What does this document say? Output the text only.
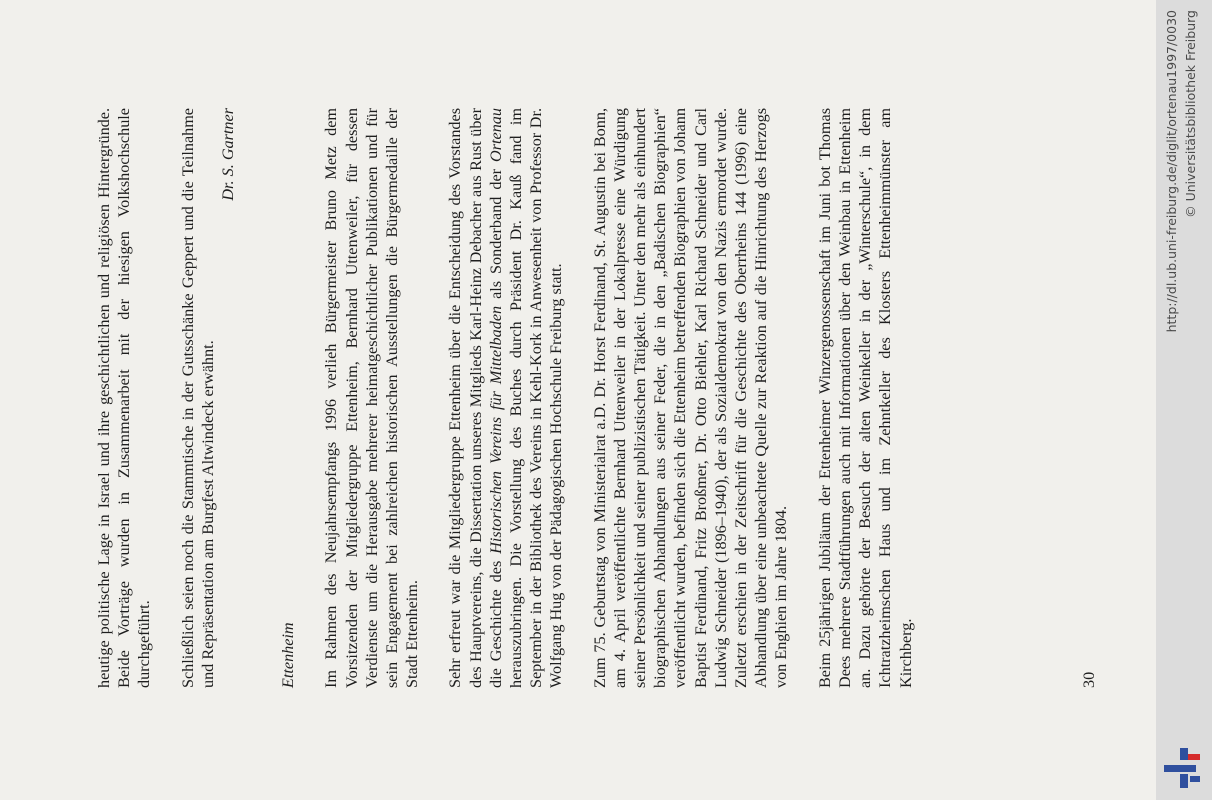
heutige politische Lage in Israel und ihre geschichtlichen und religiösen Hintergründe. Beide Vorträge wurden in Zusammenarbeit mit der hiesigen Volkshochschule durchgeführt. Schließlich seien noch die Stammtische in der Gutsschänke Geppert und die Teilnahme und Repräsentation am Burgfest Altwindeck erwähnt.

Dr. S. Gartner

Ettenheim Im Rahmen des Neujahrsempfangs 1996 verlieh Bürgermeister Bruno Metz dem Vorsitzenden der Mitgliedergruppe Ettenheim, Bernhard Uttenweiler, für dessen Verdienste um die Herausgabe mehrerer heimatgeschichtlicher Publikationen und für sein Engagement bei zahlreichen historischen Ausstellungen die Bürgermedaille der Stadt Ettenheim. Sehr erfreut war die Mitgliedergruppe Ettenheim über die Entscheidung des Vorstandes des Hauptvereins, die Dissertation unseres Mitglieds Karl-Heinz Debacher aus Rust über die Geschichte des Historischen Vereins für Mittelbaden als Sonderband der Ortenau herauszubringen. Die Vorstellung des Buches durch Präsident Dr. Kauß fand im September in der Bibliothek des Vereins in Kehl-Kork in Anwesenheit von Professor Dr. Wolfgang Hug von der Pädagogischen Hochschule Freiburg statt. Zum 75. Geburtstag von Ministerialrat a.D. Dr. Horst Ferdinand, St. Augustin bei Bonn, am 4. April veröffentlichte Bernhard Uttenweiler in der Lokalpresse eine Würdigung seiner Persönlichkeit und seiner publizistischen Tätigkeit. Unter den mehr als einhundert biographischen Abhandlungen aus seiner Feder, die in den „Badischen Biographien“ veröffentlicht wurden, befinden sich die Ettenheim betreffenden Biographien von Johann Baptist Ferdinand, Fritz Broßmer, Dr. Otto Biehler, Karl Richard Schneider und Carl Ludwig Schneider (1896–1940), der als Sozialdemokrat von den Nazis ermordet wurde. Zuletzt erschien in der Zeitschrift für die Geschichte des Oberrheins 144 (1996) eine Abhandlung über eine unbeachtete Quelle zur Reaktion auf die Hinrichtung des Herzogs von Enghien im Jahre 1804. Beim 25jährigen Jubiläum der Ettenheimer Winzergenossenschaft im Juni bot Thomas Dees mehrere Stadtführungen auch mit Informationen über den Weinbau in Ettenheim an. Dazu gehörte der Besuch der alten Weinkeller in der „Winterschule“, in dem Ichtratzheimschen Haus und im Zehntkeller des Klosters Ettenheimmünster am Kirchberg.	30
http://dl.ub.uni-freiburg.de/diglit/ortenau1997/0030 © Universitätsbibliothek Freiburg
